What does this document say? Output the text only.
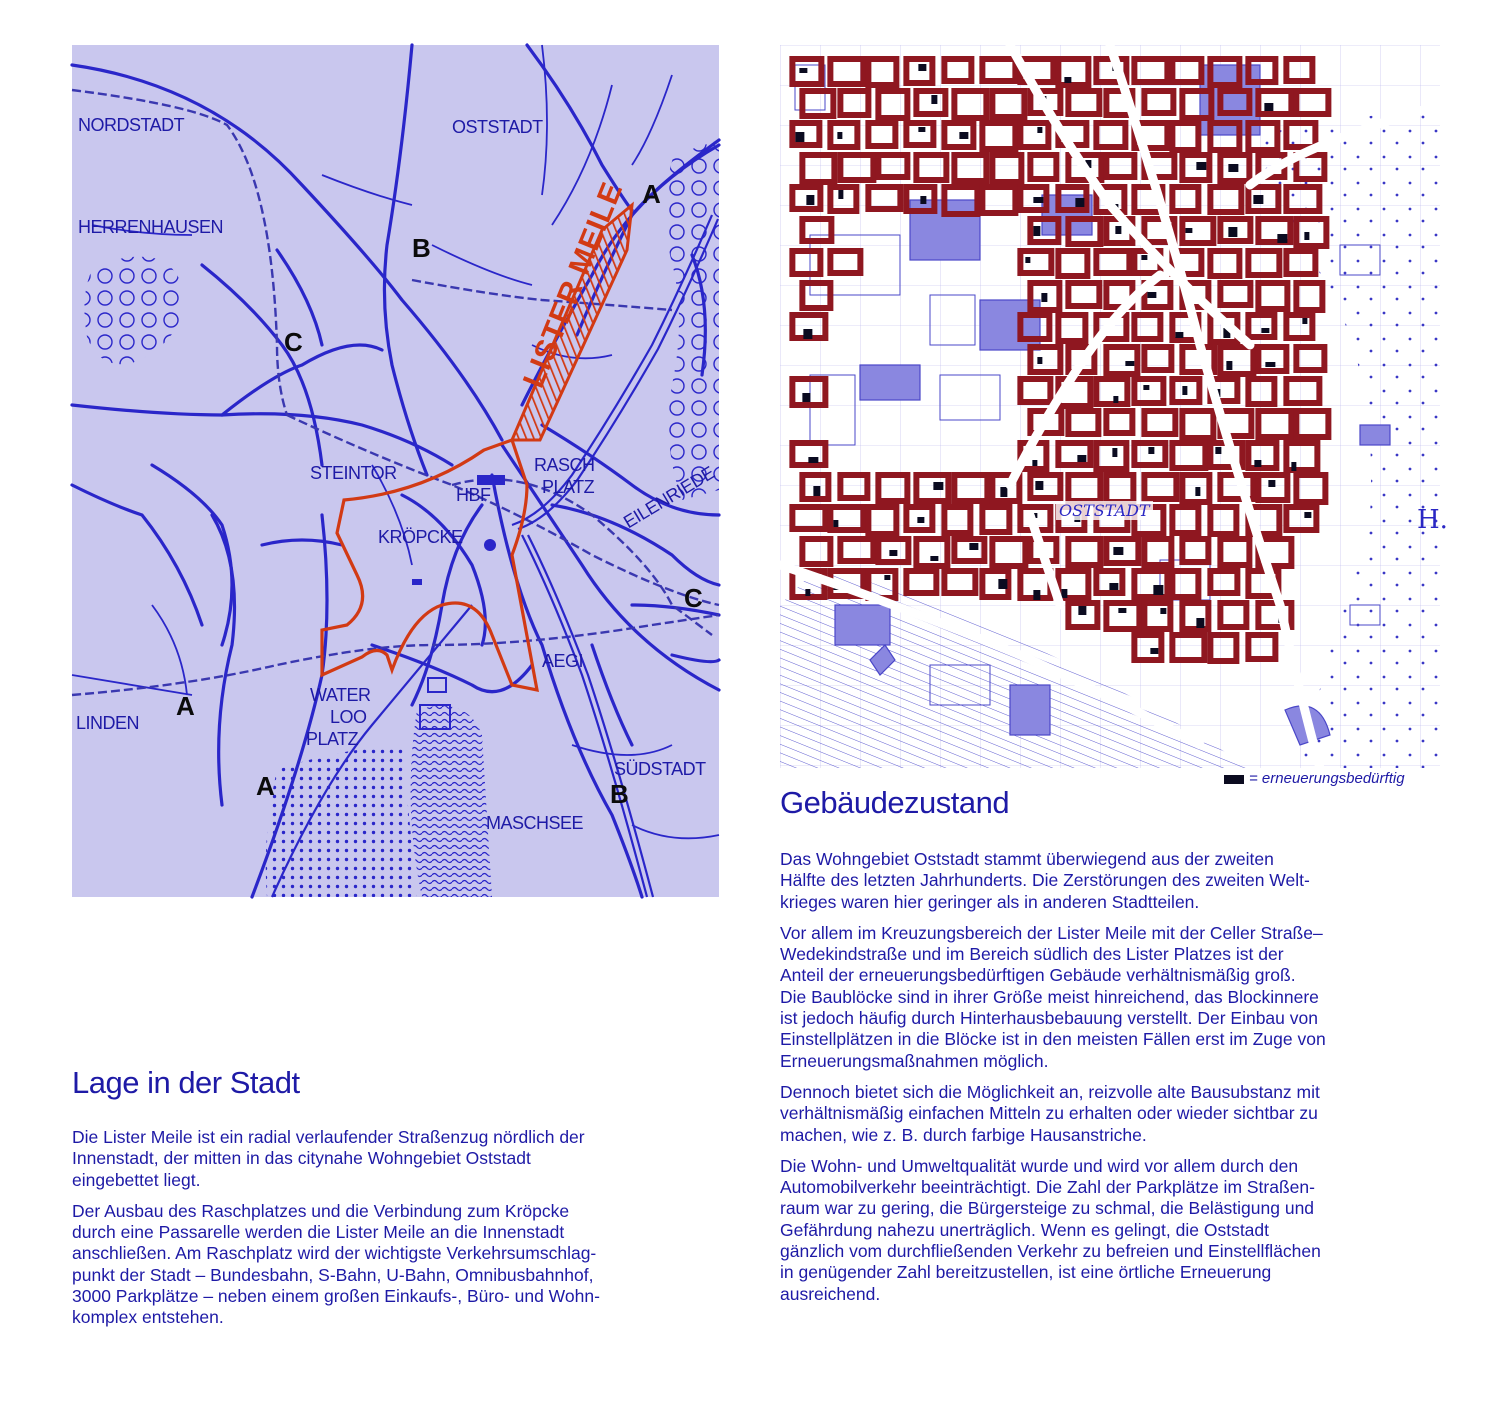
NORDSTADT	OSTSTADT
HERRENHAUSEN
STEINTOR	RASCH
PLATZ
HBF
KRÖPCKE
EILENRIEDE
AEGI
LINDEN
WATER
LOO
PLATZ
SÜDSTADT
MASCHSEE
A
B
C
C
A
A	B
LISTER MEILE
OSTSTADT	H.
= erneuerungsbedürftig
Lage in der Stadt

Die Lister Meile ist ein radial verlaufender Straßenzug nördlich der
Innenstadt, der mitten in das citynahe Wohngebiet Oststadt
eingebettet liegt.

Der Ausbau des Raschplatzes und die Verbindung zum Kröpcke
durch eine Passarelle werden die Lister Meile an die Innenstadt
anschließen. Am Raschplatz wird der wichtigste Verkehrsumschlag-
punkt der Stadt – Bundesbahn, S-Bahn, U-Bahn, Omnibusbahnhof,
3000 Parkplätze – neben einem großen Einkaufs-, Büro- und Wohn-
komplex entstehen.

Gebäudezustand

Das Wohngebiet Oststadt stammt überwiegend aus der zweiten
Hälfte des letzten Jahrhunderts. Die Zerstörungen des zweiten Welt-
krieges waren hier geringer als in anderen Stadtteilen.

Vor allem im Kreuzungsbereich der Lister Meile mit der Celler Straße–
Wedekindstraße und im Bereich südlich des Lister Platzes ist der
Anteil der erneuerungsbedürftigen Gebäude verhältnismäßig groß.
Die Baublöcke sind in ihrer Größe meist hinreichend, das Blockinnere
ist jedoch häufig durch Hinterhausbebauung verstellt. Der Einbau von
Einstellplätzen in die Blöcke ist in den meisten Fällen erst im Zuge von
Erneuerungsmaßnahmen möglich.

Dennoch bietet sich die Möglichkeit an, reizvolle alte Bausubstanz mit
verhältnismäßig einfachen Mitteln zu erhalten oder wieder sichtbar zu
machen, wie z. B. durch farbige Hausanstriche.

Die Wohn- und Umweltqualität wurde und wird vor allem durch den
Automobilverkehr beeinträchtigt. Die Zahl der Parkplätze im Straßen-
raum war zu gering, die Bürgersteige zu schmal, die Belästigung und
Gefährdung nahezu unerträglich. Wenn es gelingt, die Oststadt
gänzlich vom durchfließenden Verkehr zu befreien und Einstellflächen
in genügender Zahl bereitzustellen, ist eine örtliche Erneuerung
ausreichend.
